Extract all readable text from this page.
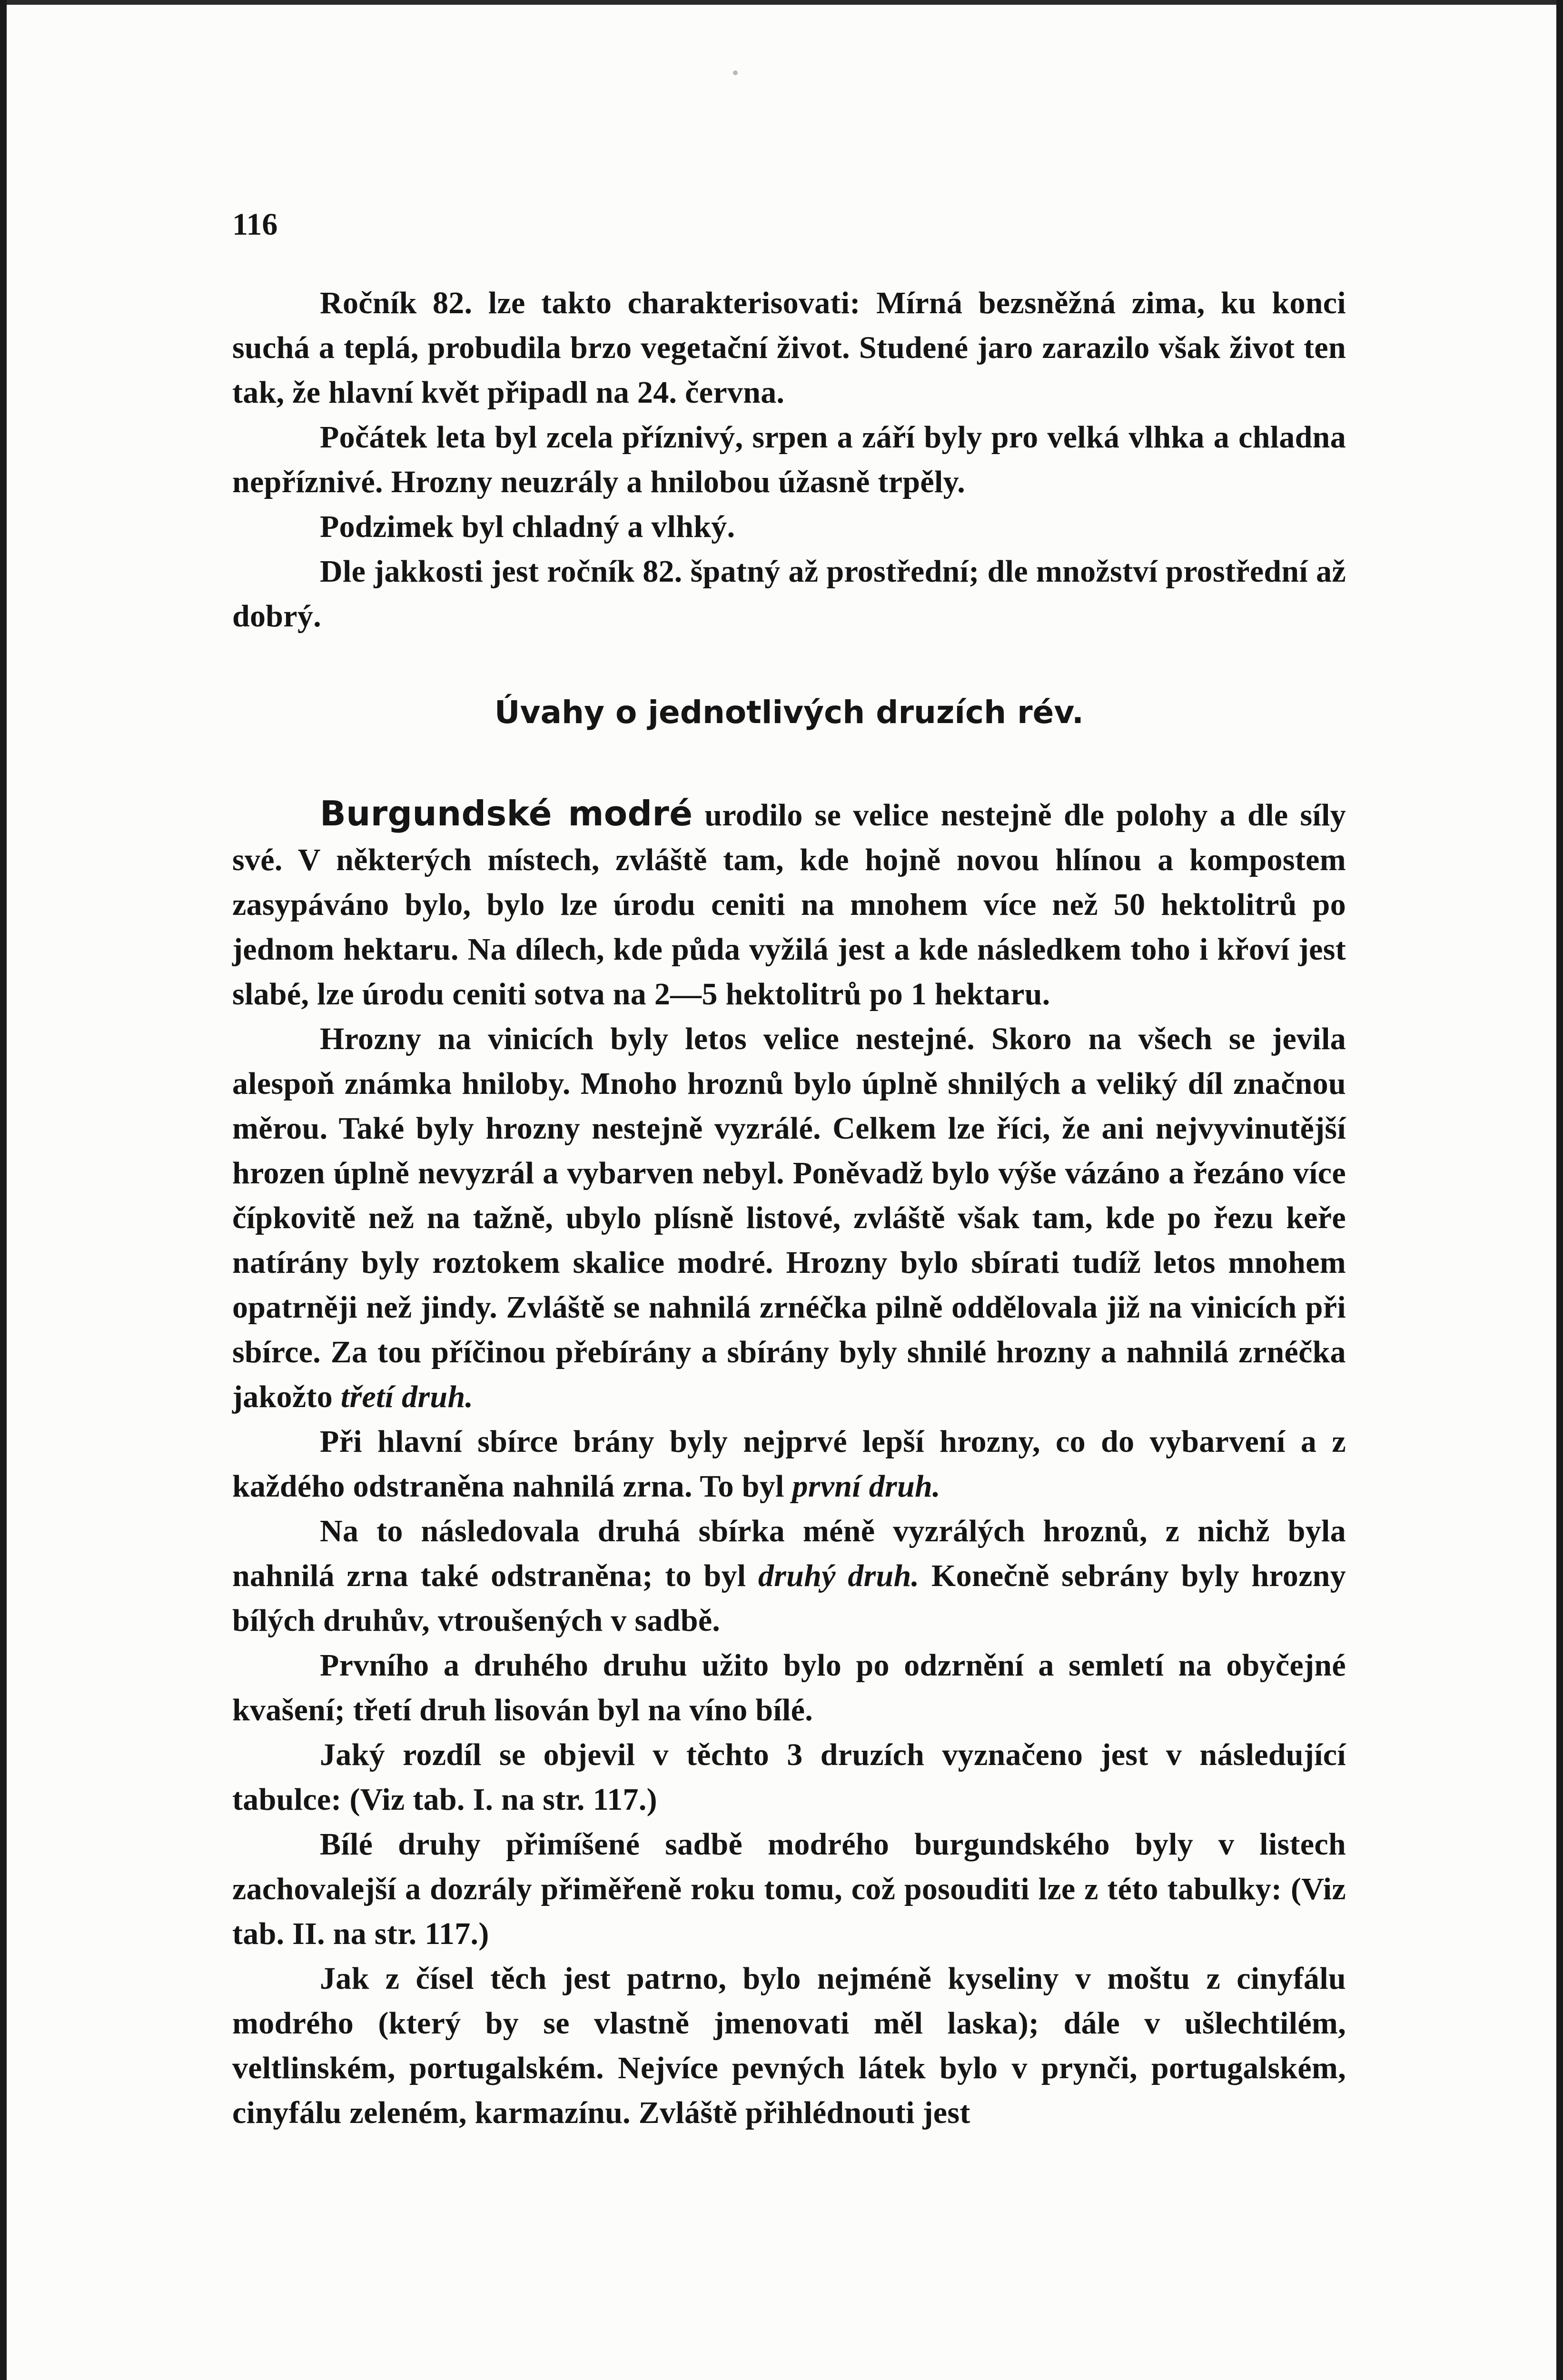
116

Ročník 82. lze takto charakterisovati: Mírná bezsněžná zima, ku konci suchá a teplá, probudila brzo vegetační život. Studené jaro zarazilo však život ten tak, že hlavní květ připadl na 24. června.

Počátek leta byl zcela příznivý, srpen a září byly pro velká vlhka a chladna nepříznivé. Hrozny neuzrály a hnilobou úžasně trpěly.

Podzimek byl chladný a vlhký.

Dle jakkosti jest ročník 82. špatný až prostřední; dle množství prostřední až dobrý.

Úvahy o jednotlivých druzích rév.

Burgundské modré urodilo se velice nestejně dle polohy a dle síly své. V některých místech, zvláště tam, kde hojně novou hlínou a kompostem zasypáváno bylo, bylo lze úrodu ceniti na mnohem více než 50 hektolitrů po jednom hektaru. Na dílech, kde půda vyžilá jest a kde následkem toho i křoví jest slabé, lze úrodu ceniti sotva na 2—5 hektolitrů po 1 hektaru.

Hrozny na vinicích byly letos velice nestejné. Skoro na všech se jevila alespoň známka hniloby. Mnoho hroznů bylo úplně shnilých a veliký díl značnou měrou. Také byly hrozny nestejně vyzrálé. Celkem lze říci, že ani nejvyvinutější hrozen úplně nevyzrál a vybarven nebyl. Poněvadž bylo výše vázáno a řezáno více čípkovitě než na tažně, ubylo plísně listové, zvláště však tam, kde po řezu keře natírány byly roztokem skalice modré. Hrozny bylo sbírati tudíž letos mnohem opatrněji než jindy. Zvláště se nahnilá zrnéčka pilně oddělovala již na vinicích při sbírce. Za tou příčinou přebírány a sbírány byly shnilé hrozny a nahnilá zrnéčka jakožto třetí druh.

Při hlavní sbírce brány byly nejprvé lepší hrozny, co do vybarvení a z každého odstraněna nahnilá zrna. To byl první druh.

Na to následovala druhá sbírka méně vyzrálých hroznů, z nichž byla nahnilá zrna také odstraněna; to byl druhý druh. Konečně sebrány byly hrozny bílých druhův, vtroušených v sadbě.

Prvního a druhého druhu užito bylo po odzrnění a semletí na obyčejné kvašení; třetí druh lisován byl na víno bílé.

Jaký rozdíl se objevil v těchto 3 druzích vyznačeno jest v následující tabulce: (Viz tab. I. na str. 117.)

Bílé druhy přimíšené sadbě modrého burgundského byly v listech zachovalejší a dozrály přiměřeně roku tomu, což posouditi lze z této tabulky: (Viz tab. II. na str. 117.)

Jak z čísel těch jest patrno, bylo nejméně kyseliny v moštu z cinyfálu modrého (který by se vlastně jmenovati měl laska); dále v ušlechtilém, veltlinském, portugalském. Nejvíce pevných látek bylo v prynči, portugalském, cinyfálu zeleném, karmazínu. Zvláště přihlédnouti jest
